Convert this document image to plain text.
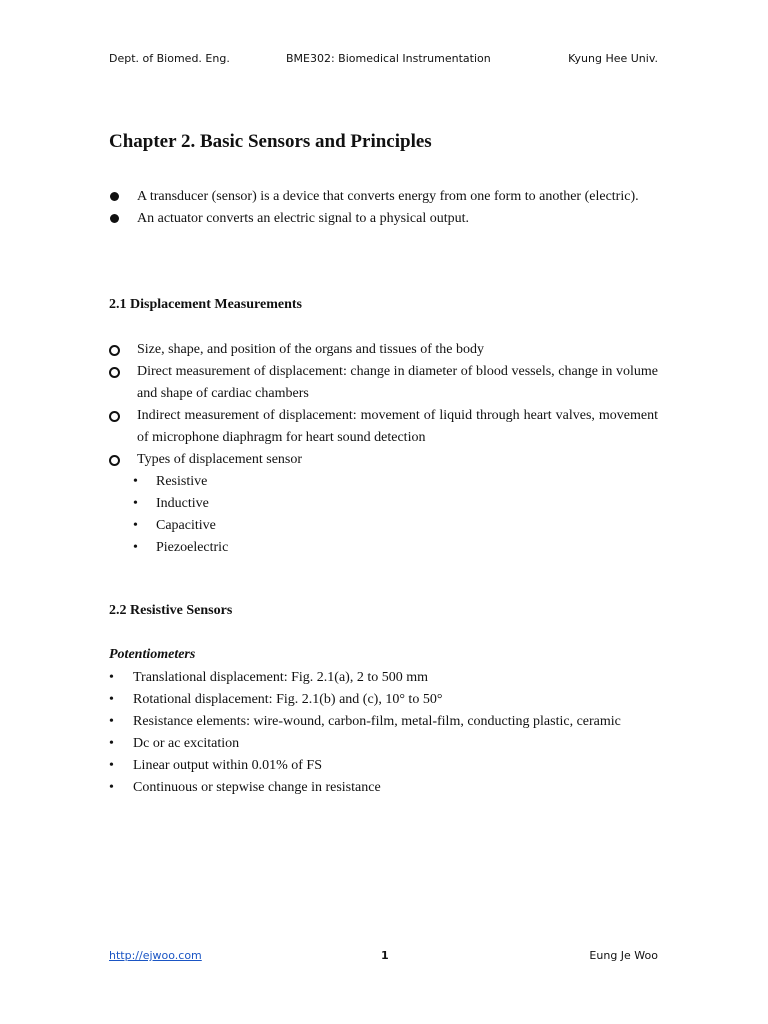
Dept. of Biomed. Eng.	BME302: Biomedical Instrumentation	Kyung Hee Univ.
Chapter 2. Basic Sensors and Principles
A transducer (sensor) is a device that converts energy from one form to another (electric).
An actuator converts an electric signal to a physical output.
2.1 Displacement Measurements
Size, shape, and position of the organs and tissues of the body
Direct measurement of displacement: change in diameter of blood vessels, change in volume and shape of cardiac chambers
Indirect measurement of displacement: movement of liquid through heart valves, movement of microphone diaphragm for heart sound detection
Types of displacement sensor
•
Resistive
•
Inductive
•
Capacitive
•
Piezoelectric
2.2 Resistive Sensors
Potentiometers
•
Translational displacement: Fig. 2.1(a), 2 to 500 mm
•
Rotational displacement: Fig. 2.1(b) and (c), 10° to 50°
•
Resistance elements: wire-wound, carbon-film, metal-film, conducting plastic, ceramic
•
Dc or ac excitation
•
Linear output within 0.01% of FS
•
Continuous or stepwise change in resistance
http://ejwoo.com	1	Eung Je Woo
